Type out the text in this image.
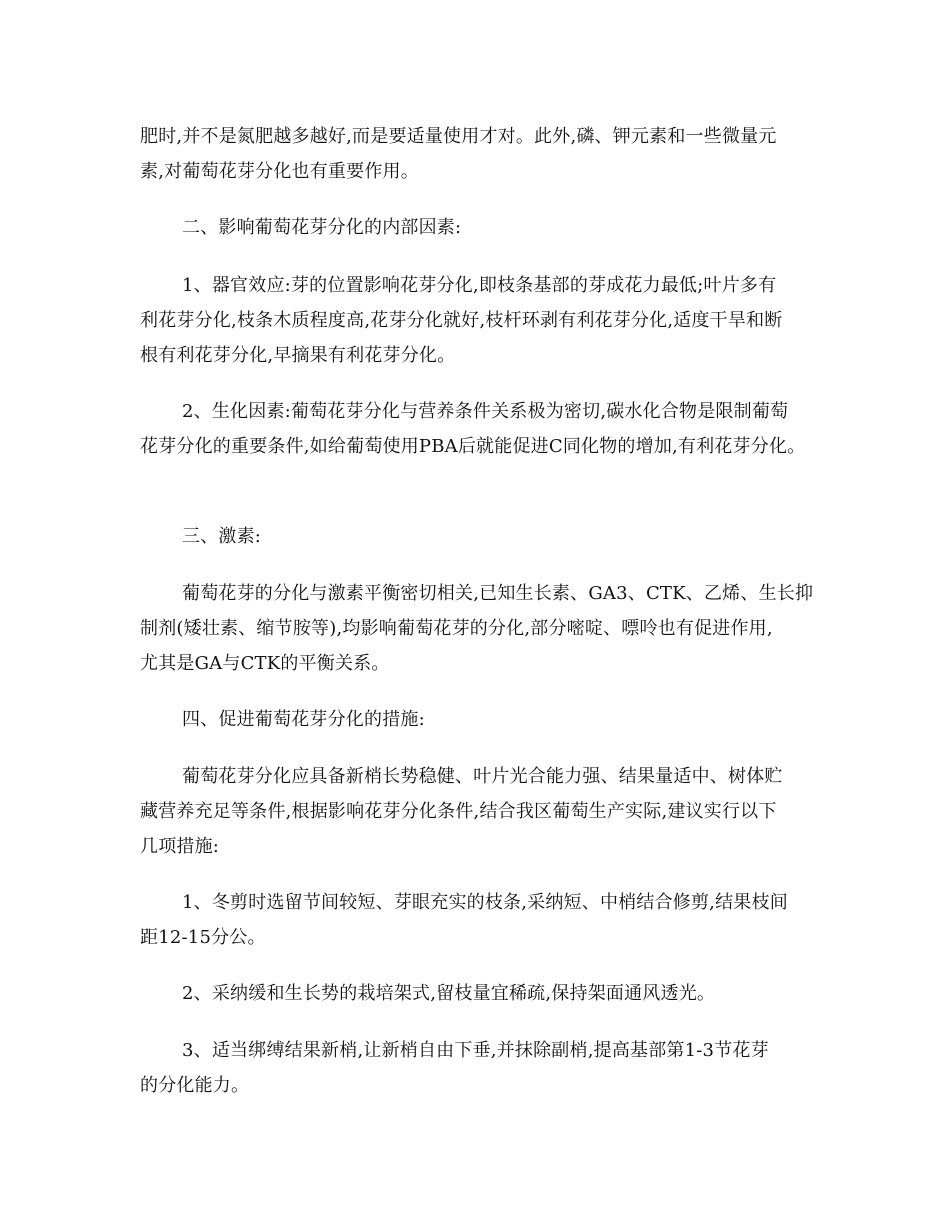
肥时,并不是氮肥越多越好,而是要适量使用才对。此外,磷、钾元素和一些微量元
素,对葡萄花芽分化也有重要作用。

二、影响葡萄花芽分化的内部因素:

1、器官效应:芽的位置影响花芽分化,即枝条基部的芽成花力最低;叶片多有
利花芽分化,枝条木质程度高,花芽分化就好,枝杆环剥有利花芽分化,适度干旱和断
根有利花芽分化,早摘果有利花芽分化。

2、生化因素:葡萄花芽分化与营养条件关系极为密切,碳水化合物是限制葡萄
花芽分化的重要条件,如给葡萄使用PBA后就能促进C同化物的增加,有利花芽分化。

三、激素:

葡萄花芽的分化与激素平衡密切相关,已知生长素、GA3、CTK、乙烯、生长抑
制剂(矮壮素、缩节胺等),均影响葡萄花芽的分化,部分嘧啶、嘌呤也有促进作用,
尤其是GA与CTK的平衡关系。

四、促进葡萄花芽分化的措施:

葡萄花芽分化应具备新梢长势稳健、叶片光合能力强、结果量适中、树体贮
藏营养充足等条件,根据影响花芽分化条件,结合我区葡萄生产实际,建议实行以下
几项措施:

1、冬剪时选留节间较短、芽眼充实的枝条,采纳短、中梢结合修剪,结果枝间
距12-15分公。

2、采纳缓和生长势的栽培架式,留枝量宜稀疏,保持架面通风透光。

3、适当绑缚结果新梢,让新梢自由下垂,并抹除副梢,提高基部第1-3节花芽
的分化能力。
